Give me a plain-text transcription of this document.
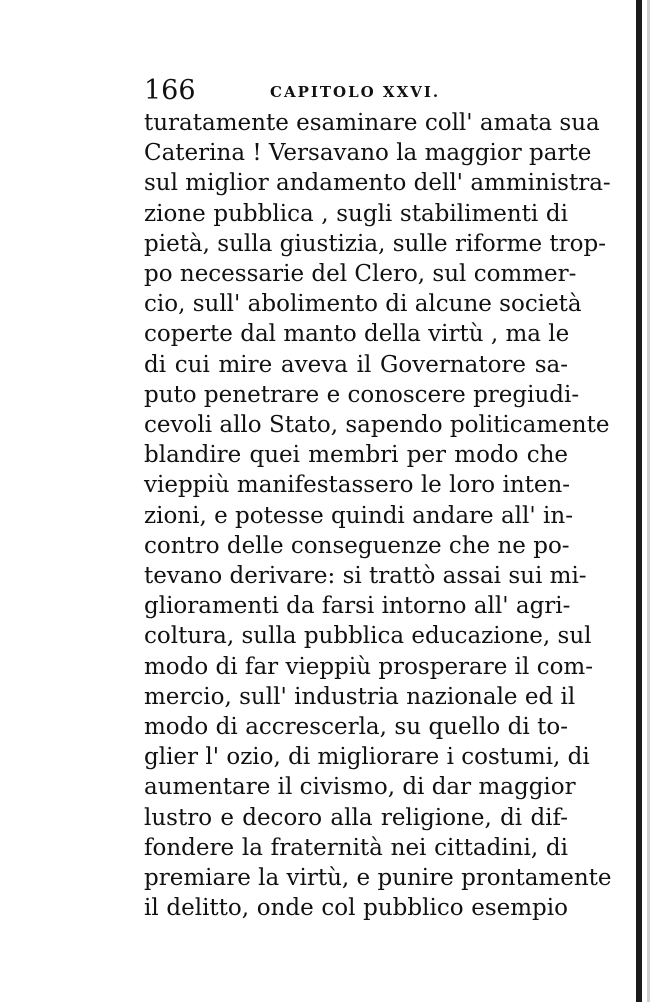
166	CAPITOLO XXVI.
turatamente esaminare coll' amata sua
Caterina ! Versavano la maggior parte
sul miglior andamento dell' amministra-
zione pubblica , sugli stabilimenti di
pietà, sulla giustizia, sulle riforme trop-
po necessarie del Clero, sul commer-
cio, sull' abolimento di alcune società
coperte dal manto della virtù , ma le
di cui mire aveva il Governatore sa-
puto penetrare e conoscere pregiudi-
cevoli allo Stato, sapendo politicamente
blandire quei membri per modo che
vieppiù manifestassero le loro inten-
zioni, e potesse quindi andare all' in-
contro delle conseguenze che ne po-
tevano derivare: si trattò assai sui mi-
glioramenti da farsi intorno all' agri-
coltura, sulla pubblica educazione, sul
modo di far vieppiù prosperare il com-
mercio, sull' industria nazionale ed il
modo di accrescerla, su quello di to-
glier l' ozio, di migliorare i costumi, di
aumentare il civismo, di dar maggior
lustro e decoro alla religione, di dif-
fondere la fraternità nei cittadini, di
premiare la virtù, e punire prontamente
il delitto, onde col pubblico esempio
